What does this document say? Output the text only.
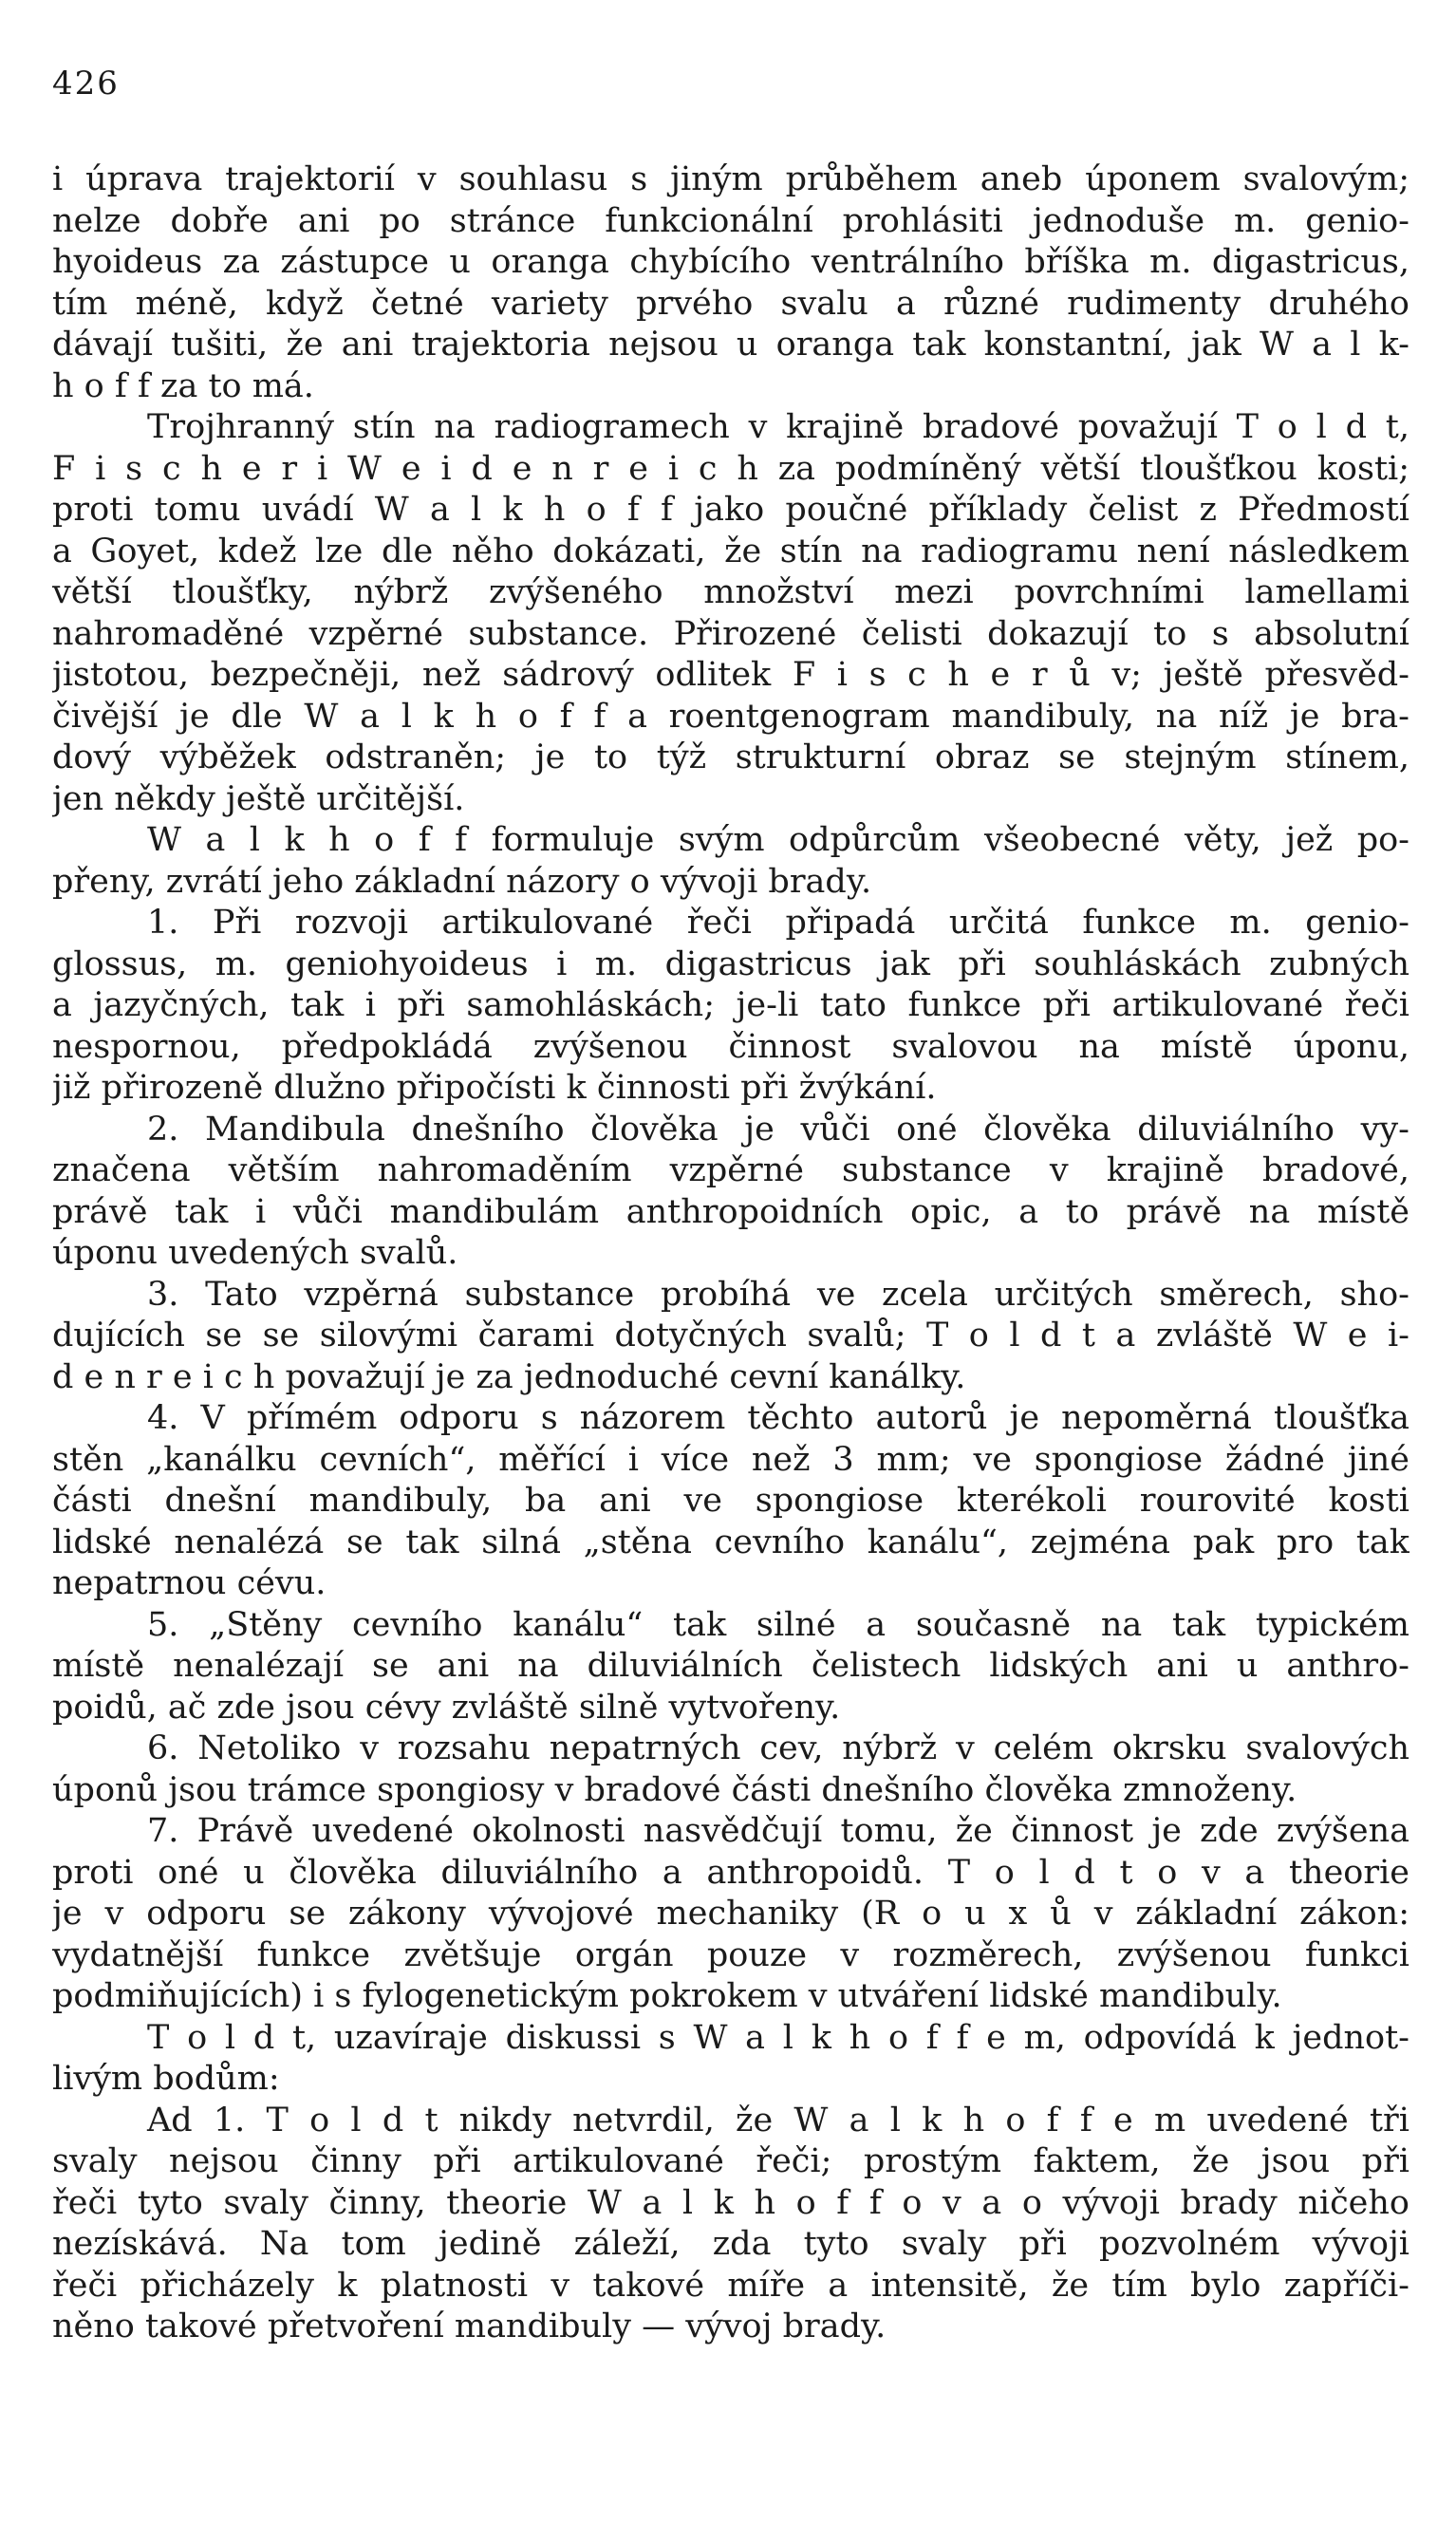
426
i úprava trajektorií v souhlasu s jiným průběhem aneb úponem svalovým;
nelze dobře ani po stránce funkcionální prohlásiti jednoduše m. genio-
hyoideus za zástupce u oranga chybícího ventrálního bříška m. digastricus,
tím méně, když četné variety prvého svalu a různé rudimenty druhého
dávají tušiti, že ani trajektoria nejsou u oranga tak konstantní, jak W a l k-
h o f f za to má.
Trojhranný stín na radiogramech v krajině bradové považují T o l d t,
F i s c h e r i W e i d e n r e i c h za podmíněný větší tloušťkou kosti;
proti tomu uvádí W a l k h o f f jako poučné příklady čelist z Předmostí
a Goyet, kdež lze dle něho dokázati, že stín na radiogramu není následkem
větší tloušťky, nýbrž zvýšeného množství mezi povrchními lamellami
nahromaděné vzpěrné substance. Přirozené čelisti dokazují to s absolutní
jistotou, bezpečněji, než sádrový odlitek F i s c h e r ů v; ještě přesvěd-
čivější je dle W a l k h o f f a roentgenogram mandibuly, na níž je bra-
dový výběžek odstraněn; je to týž strukturní obraz se stejným stínem,
jen někdy ještě určitější.
W a l k h o f f formuluje svým odpůrcům všeobecné věty, jež po-
přeny, zvrátí jeho základní názory o vývoji brady.
1. Při rozvoji artikulované řeči připadá určitá funkce m. genio-
glossus, m. geniohyoideus i m. digastricus jak při souhláskách zubných
a jazyčných, tak i při samohláskách; je-li tato funkce při artikulované řeči
nespornou, předpokládá zvýšenou činnost svalovou na místě úponu,
již přirozeně dlužno připočísti k činnosti při žvýkání.
2. Mandibula dnešního člověka je vůči oné člověka diluviálního vy-
značena větším nahromaděním vzpěrné substance v krajině bradové,
právě tak i vůči mandibulám anthropoidních opic, a to právě na místě
úponu uvedených svalů.
3. Tato vzpěrná substance probíhá ve zcela určitých směrech, sho-
dujících se se silovými čarami dotyčných svalů; T o l d t a zvláště W e i-
d e n r e i c h považují je za jednoduché cevní kanálky.
4. V přímém odporu s názorem těchto autorů je nepoměrná tloušťka
stěn „kanálku cevních“, měřící i více než 3 mm; ve spongiose žádné jiné
části dnešní mandibuly, ba ani ve spongiose kterékoli rourovité kosti
lidské nenalézá se tak silná „stěna cevního kanálu“, zejména pak pro tak
nepatrnou cévu.
5. „Stěny cevního kanálu“ tak silné a současně na tak typickém
místě nenalézají se ani na diluviálních čelistech lidských ani u anthro-
poidů, ač zde jsou cévy zvláště silně vytvořeny.
6. Netoliko v rozsahu nepatrných cev, nýbrž v celém okrsku svalových
úponů jsou trámce spongiosy v bradové části dnešního člověka zmnoženy.
7. Právě uvedené okolnosti nasvědčují tomu, že činnost je zde zvýšena
proti oné u člověka diluviálního a anthropoidů. T o l d t o v a theorie
je v odporu se zákony vývojové mechaniky (R o u x ů v základní zákon:
vydatnější funkce zvětšuje orgán pouze v rozměrech, zvýšenou funkci
podmiňujících) i s fylogenetickým pokrokem v utváření lidské mandibuly.
T o l d t, uzavíraje diskussi s W a l k h o f f e m, odpovídá k jednot-
livým bodům:
Ad 1. T o l d t nikdy netvrdil, že W a l k h o f f e m uvedené tři
svaly nejsou činny při artikulované řeči; prostým faktem, že jsou při
řeči tyto svaly činny, theorie W a l k h o f f o v a o vývoji brady ničeho
nezískává. Na tom jedině záleží, zda tyto svaly při pozvolném vývoji
řeči přicházely k platnosti v takové míře a intensitě, že tím bylo zapříči-
něno takové přetvoření mandibuly — vývoj brady.
